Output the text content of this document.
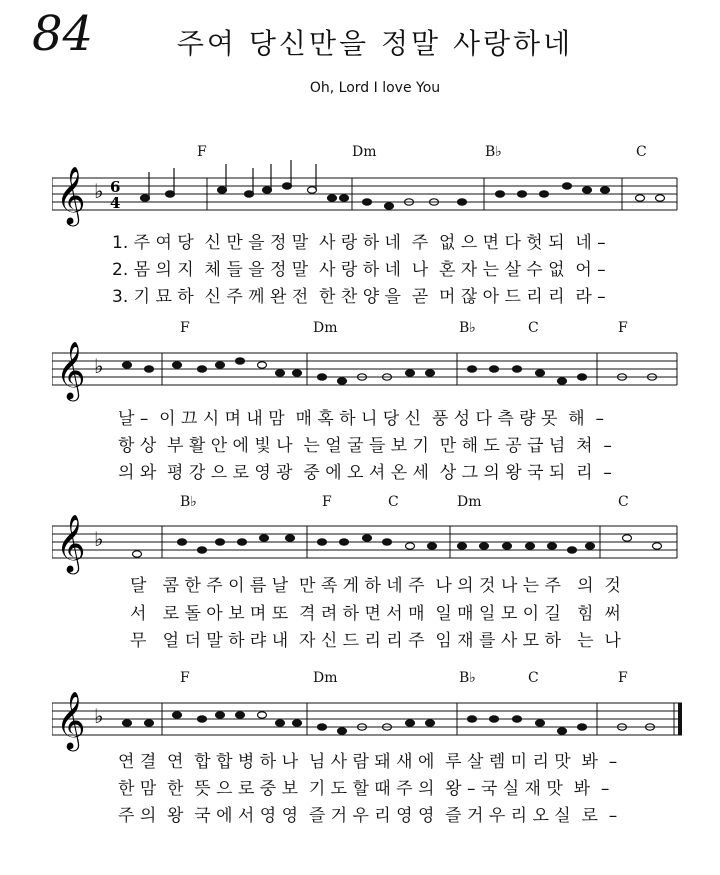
84	주여 당신만을 정말 사랑하네
Oh, Lord I love You
F	Dm	B♭	C
𝄞 ♭ 6
4
1. 주 여 당  신 만 을 정 말  사 랑 하 네  주  없 으 면 다 헛 되  네 –
2. 몸 의 지  체 들 을 정 말  사 랑 하 네  나  혼 자 는 살 수 없  어 –
3. 기 묘 하  신 주 께 완 전  한 찬 양 을  곧  머 잖 아 드 리 리  라 –
F	Dm	B♭	C	F
𝄞 ♭
날 –  이 끄 시 며 내 맘  매 혹 하 니 당 신  풍 성 다 측 량 못  해  –
항 상  부 활 안 에 빛 나  는 얼 굴 들 보 기  만 해 도 공 급 넘  쳐  –
의 와  평 강 으 로 영 광  중 에 오 셔 온 세  상 그 의 왕 국 되  리  –
B♭	F	C	Dm	C
𝄞 ♭
달   콤 한 주 이 름 날  만 족 게 하 네 주  나 의 것 나 는 주   의  것
서   로 돌 아 보 며 또  격 려 하 면 서 매  일 매 일 모 이 길   힘  써
무   얼 더 말 하 랴 내  자 신 드 리 리 주  임 재 를 사 모 하   는  나
F	Dm	B♭	C	F
𝄞 ♭
연 결  연  합 합 병 하 나  님 사 람 돼 새 에  루 살 렘 미 리 맛  봐  –
한 맘  한  뜻 으 로 중 보  기 도 할 때 주 의  왕 – 국 실 재 맛  봐  –
주 의  왕  국 에 서 영 영  즐 거 우 리 영 영  즐 거 우 리 오 실  로  –
